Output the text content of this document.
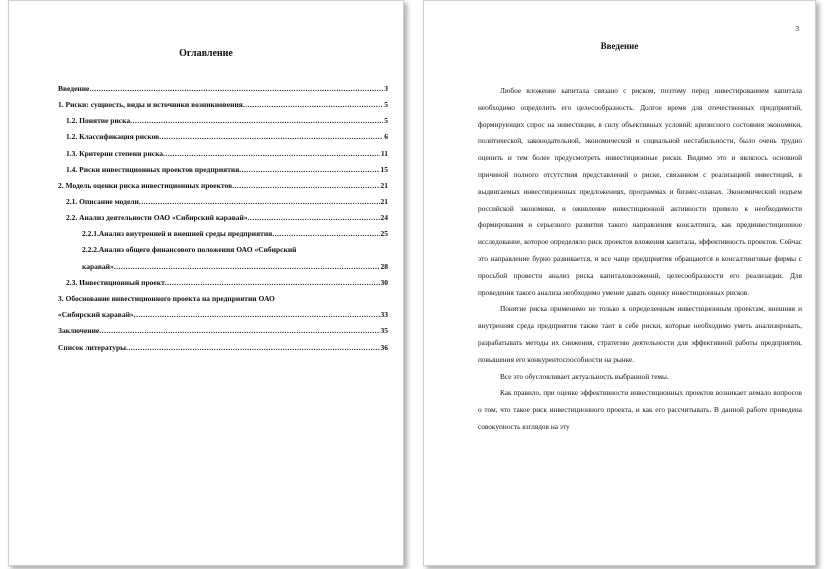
Оглавление
Введение .....	3
1. Риски: сущность, виды и источники возникновения .....	5
1.2. Понятие риска .....	5
1.2. Классификация рисков .....	6
1.3. Критерии степени риска .....	11
1.4. Риски инвестиционных проектов предприятия .....	15
2. Модель оценки риска инвестиционных проектов .....	21
2.1. Описание модели .....	21
2.2. Анализ деятельности ОАО «Сибирский каравай» .....	24
2.2.1.Анализ внутренней и внешней среды предприятия .....	25
2.2.2.Анализ общего финансового положения ОАО «Сибирский
каравай» .....	28
2.3. Инвестиционный проект .....	30
3. Обоснование инвестиционного проекта на предприятии ОАО
«Сибирский каравай» .....	33
Заключение .....	35
Список литературы .....	36
3
Введение

Любое вложение капитала связано с риском, поэтому перед инвестированием капитала необходимо определить его целесообразность. Долгое время для отечественных предприятий, формирующих спрос на инвестиции, в силу объективных условий: кризисного состояния экономики, политической, законодательной, экономической и социальной нестабильности, было очень трудно оценить и тем более предусмотреть инвестиционные риски. Видимо это и являлось основной причиной полного отсутствия представлений о риске, связанном с реализацией инвестиций, в выдвигаемых инвестиционных предложениях, программах и бизнес-планах. Экономический подъем российской экономики, и оживление инвестиционной активности привело к необходимости формирования и серьезного развития такого направления консалтинга, как прединвестиционное исследование, которое определяло риск проектов вложения капитала, эффективность проектов. Сейчас это направление бурно развивается, и все чаще предприятия обращаются в консалтинговые фирмы с просьбой провести анализ риска капиталовложений, целесообразности его реализации. Для проведения такого анализа необходимо умение давать оценку инвестиционных рисков.

Понятие риска применимо не только к определенным инвестиционным проектам, внешняя и внутренняя среда предприятия также таит в себе риски, которые необходимо уметь анализировать, разрабатывать методы их снижения, стратегию деятельности для эффективной работы предприятия, повышения его конкурентоспособности на рынке.

Все это обусловливает актуальность выбранной темы.

Как правило, при оценке эффективности инвестиционных проектов возникает немало вопросов о том, что такое риск инвестиционного проекта, и как его рассчитывать. В данной работе приведена совокупность взглядов на эту
